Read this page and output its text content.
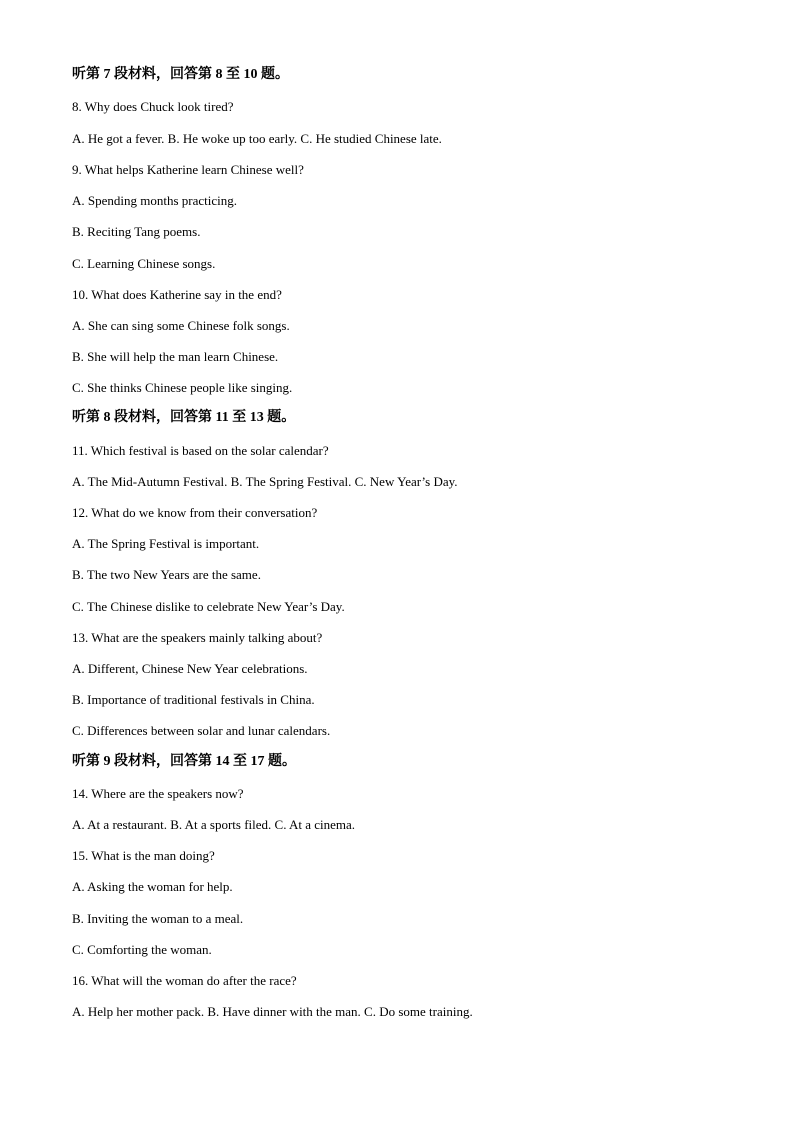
听第 7 段材料，回答第 8 至 10 题。
8. Why does Chuck look tired?
A. He got a fever. B. He woke up too early. C. He studied Chinese late.
9. What helps Katherine learn Chinese well?
A. Spending months practicing.
B. Reciting Tang poems.
C. Learning Chinese songs.
10. What does Katherine say in the end?
A. She can sing some Chinese folk songs.
B. She will help the man learn Chinese.
C. She thinks Chinese people like singing.
听第 8 段材料，回答第 11 至 13 题。
11. Which festival is based on the solar calendar?
A. The Mid-Autumn Festival. B. The Spring Festival. C. New Year’s Day.
12. What do we know from their conversation?
A. The Spring Festival is important.
B. The two New Years are the same.
C. The Chinese dislike to celebrate New Year’s Day.
13. What are the speakers mainly talking about?
A. Different, Chinese New Year celebrations.
B. Importance of traditional festivals in China.
C. Differences between solar and lunar calendars.
听第 9 段材料，回答第 14 至 17 题。
14. Where are the speakers now?
A. At a restaurant. B. At a sports filed. C. At a cinema.
15. What is the man doing?
A. Asking the woman for help.
B. Inviting the woman to a meal.
C. Comforting the woman.
16. What will the woman do after the race?
A. Help her mother pack. B. Have dinner with the man. C. Do some training.
